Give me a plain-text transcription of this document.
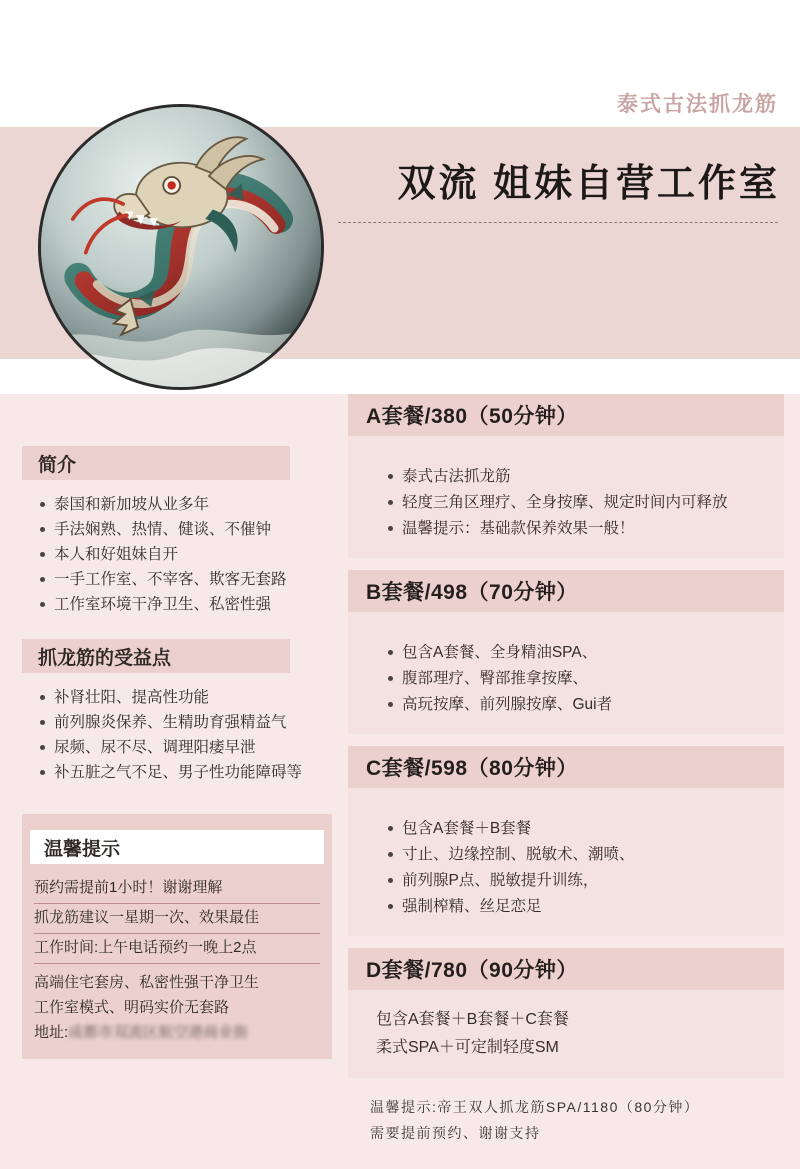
泰式古法抓龙筋
双流 姐妹自营工作室
简介
泰国和新加坡从业多年
手法娴熟、热情、健谈、不催钟
本人和好姐妹自开
一手工作室、不宰客、欺客无套路
工作室环境干净卫生、私密性强
抓龙筋的受益点
补肾壮阳、提高性功能
前列腺炎保养、生精助育强精益气
尿频、尿不尽、调理阳痿早泄
补五脏之气不足、男子性功能障碍等
温馨提示
预约需提前1小时！谢谢理解
抓龙筋建议一星期一次、效果最佳
工作时间:上午电话预约一晚上2点
高端住宅套房、私密性强干净卫生
工作室模式、明码实价无套路
地址:成都市双流区航空港商业街
A套餐/380（50分钟）
泰式古法抓龙筋
轻度三角区理疗、全身按摩、规定时间内可释放
温馨提示：基础款保养效果一般！
B套餐/498（70分钟）
包含A套餐、全身精油SPA、
腹部理疗、臀部推拿按摩、
高玩按摩、前列腺按摩、Gui者
C套餐/598（80分钟）
包含A套餐＋B套餐
寸止、边缘控制、脱敏术、潮喷、
前列腺P点、脱敏提升训练，
强制榨精、丝足恋足
D套餐/780（90分钟）
包含A套餐＋B套餐＋C套餐
柔式SPA＋可定制轻度SM
温馨提示:帝王双人抓龙筋SPA/1180（80分钟）
需要提前预约、谢谢支持
